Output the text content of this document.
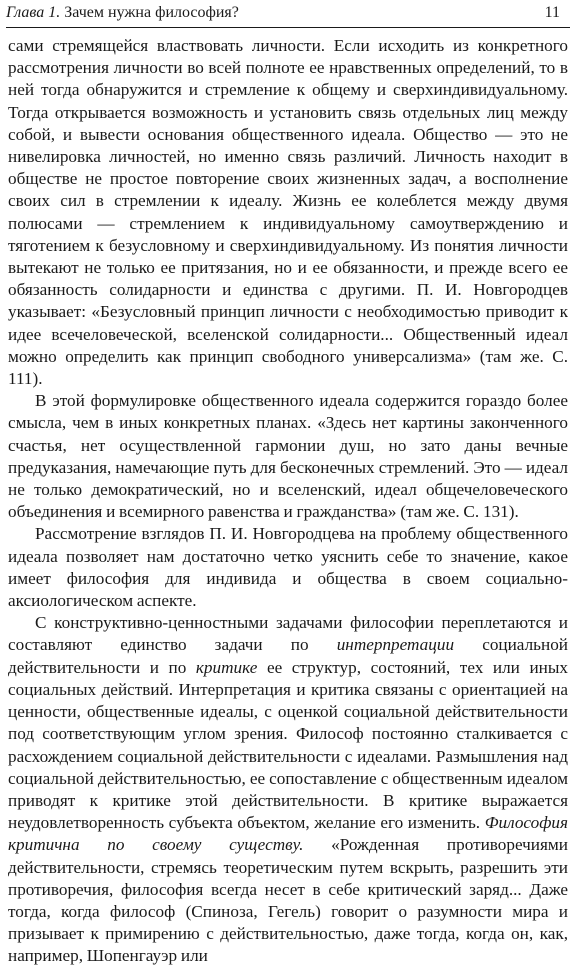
Глава 1. Зачем нужна философия?	11

сами стремящейся властвовать личности. Если исходить из конкретного рассмотрения личности во всей полноте ее нравственных определений, то в ней тогда обнаружится и стремление к общему и сверхиндивидуальному. Тогда открывается возможность и установить связь отдельных лиц между собой, и вывести основания общественного идеала. Общество — это не нивелировка личностей, но именно связь различий. Личность находит в обществе не простое повторение своих жизненных задач, а восполнение своих сил в стремлении к идеалу. Жизнь ее колеблется между двумя полюсами — стремлением к индивидуальному самоутверждению и тяготением к безусловному и сверхиндивидуальному. Из понятия личности вытекают не только ее притязания, но и ее обязанности, и прежде всего ее обязанность солидарности и единства с другими. П. И. Новгородцев указывает: «Безусловный принцип личности с необходимостью приводит к идее всечеловеческой, вселенской солидарности... Общественный идеал можно определить как принцип свободного универсализма» (там же. С. 111).

В этой формулировке общественного идеала содержится гораздо более смысла, чем в иных конкретных планах. «Здесь нет картины законченного счастья, нет осуществленной гармонии душ, но зато даны вечные предуказания, намечающие путь для бесконечных стремлений. Это — идеал не только демократический, но и вселенский, идеал общечеловеческого объединения и всемирного равенства и гражданства» (там же. С. 131).

Рассмотрение взглядов П. И. Новгородцева на проблему общественного идеала позволяет нам достаточно четко уяснить себе то значение, какое имеет философия для индивида и общества в своем социально-аксиологическом аспекте.

С конструктивно-ценностными задачами философии переплетаются и составляют единство задачи по интерпретации социальной действительности и по критике ее структур, состояний, тех или иных социальных действий. Интерпретация и критика связаны с ориентацией на ценности, общественные идеалы, с оценкой социальной действительности под соответствующим углом зрения. Философ постоянно сталкивается с расхождением социальной действительности с идеалами. Размышления над социальной действительностью, ее сопоставление с общественным идеалом приводят к критике этой действительности. В критике выражается неудовлетворенность субъекта объектом, желание его изменить. Философия критична по своему существу. «Рожденная противоречиями действительности, стремясь теоретическим путем вскрыть, разрешить эти противоречия, философия всегда несет в себе критический заряд... Даже тогда, когда философ (Спиноза, Гегель) говорит о разумности мира и призывает к примирению с действительностью, даже тогда, когда он, как, например, Шопенгауэр или
